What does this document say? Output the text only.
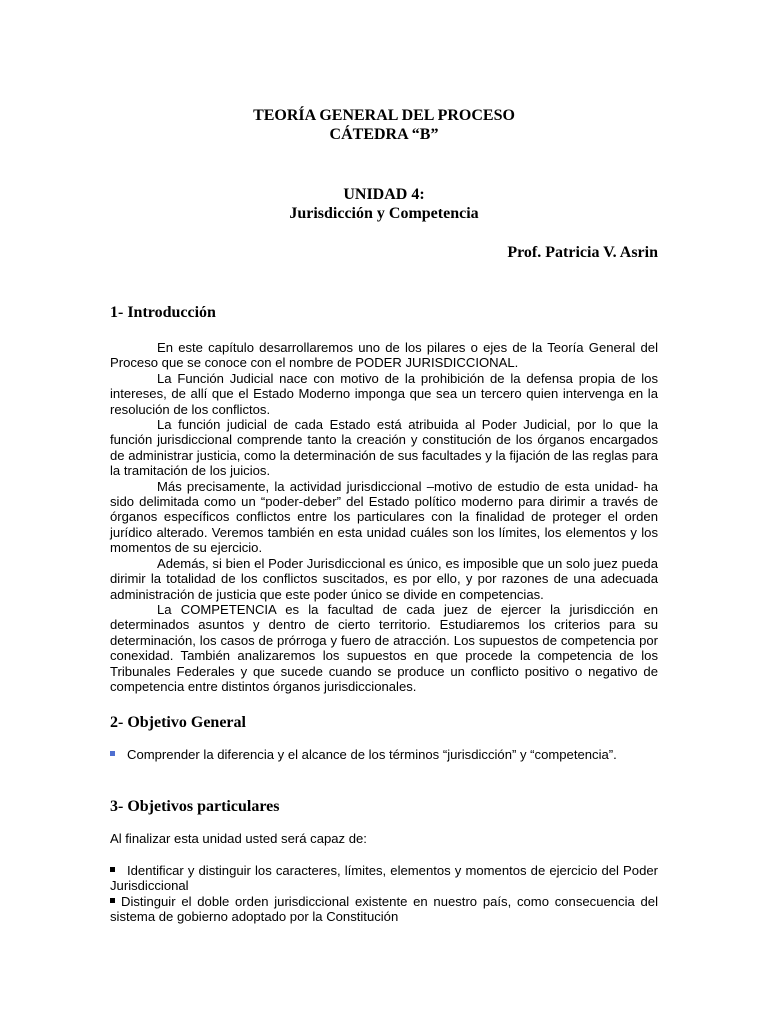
TEORÍA GENERAL DEL PROCESO
CÁTEDRA “B”
UNIDAD 4:
Jurisdicción y Competencia
Prof. Patricia V. Asrin
1- Introducción

En este capítulo desarrollaremos uno de los pilares o ejes de la Teoría General del Proceso que se conoce con el nombre de PODER JURISDICCIONAL.

La Función Judicial nace con motivo de la prohibición de la defensa propia de los intereses, de allí que el Estado Moderno imponga que sea un tercero quien intervenga en la resolución de los conflictos.

La función judicial de cada Estado está atribuida al Poder Judicial, por lo que la función jurisdiccional comprende tanto la creación y constitución de los órganos encargados de administrar justicia, como la determinación de sus facultades y la fijación de las reglas para la tramitación de los juicios.

Más precisamente, la actividad jurisdiccional –motivo de estudio de esta unidad- ha sido delimitada como un “poder-deber” del Estado político moderno para dirimir a través de órganos específicos conflictos entre los particulares con la finalidad de proteger el orden jurídico alterado. Veremos también en esta unidad cuáles son los límites, los elementos y los momentos de su ejercicio.

Además, si bien el Poder Jurisdiccional es único, es imposible que un solo juez pueda dirimir la totalidad de los conflictos suscitados, es por ello, y por razones de una adecuada administración de justicia que este poder único se divide en competencias.

La COMPETENCIA es la facultad de cada juez de ejercer la jurisdicción en determinados asuntos y dentro de cierto territorio. Estudiaremos los criterios para su determinación, los casos de prórroga y fuero de atracción. Los supuestos de competencia por conexidad. También analizaremos los supuestos en que procede la competencia de los Tribunales Federales y que sucede cuando se produce un conflicto positivo o negativo de competencia entre distintos órganos jurisdiccionales.

2- Objetivo General

Comprender la diferencia y el alcance de los términos “jurisdicción” y “competencia”.

3- Objetivos particulares
Al finalizar esta unidad usted será capaz de:

Identificar y distinguir los caracteres, límites, elementos y momentos de ejercicio del Poder Jurisdiccional

Distinguir el doble orden jurisdiccional existente en nuestro país, como consecuencia del sistema de gobierno adoptado por la Constitución
